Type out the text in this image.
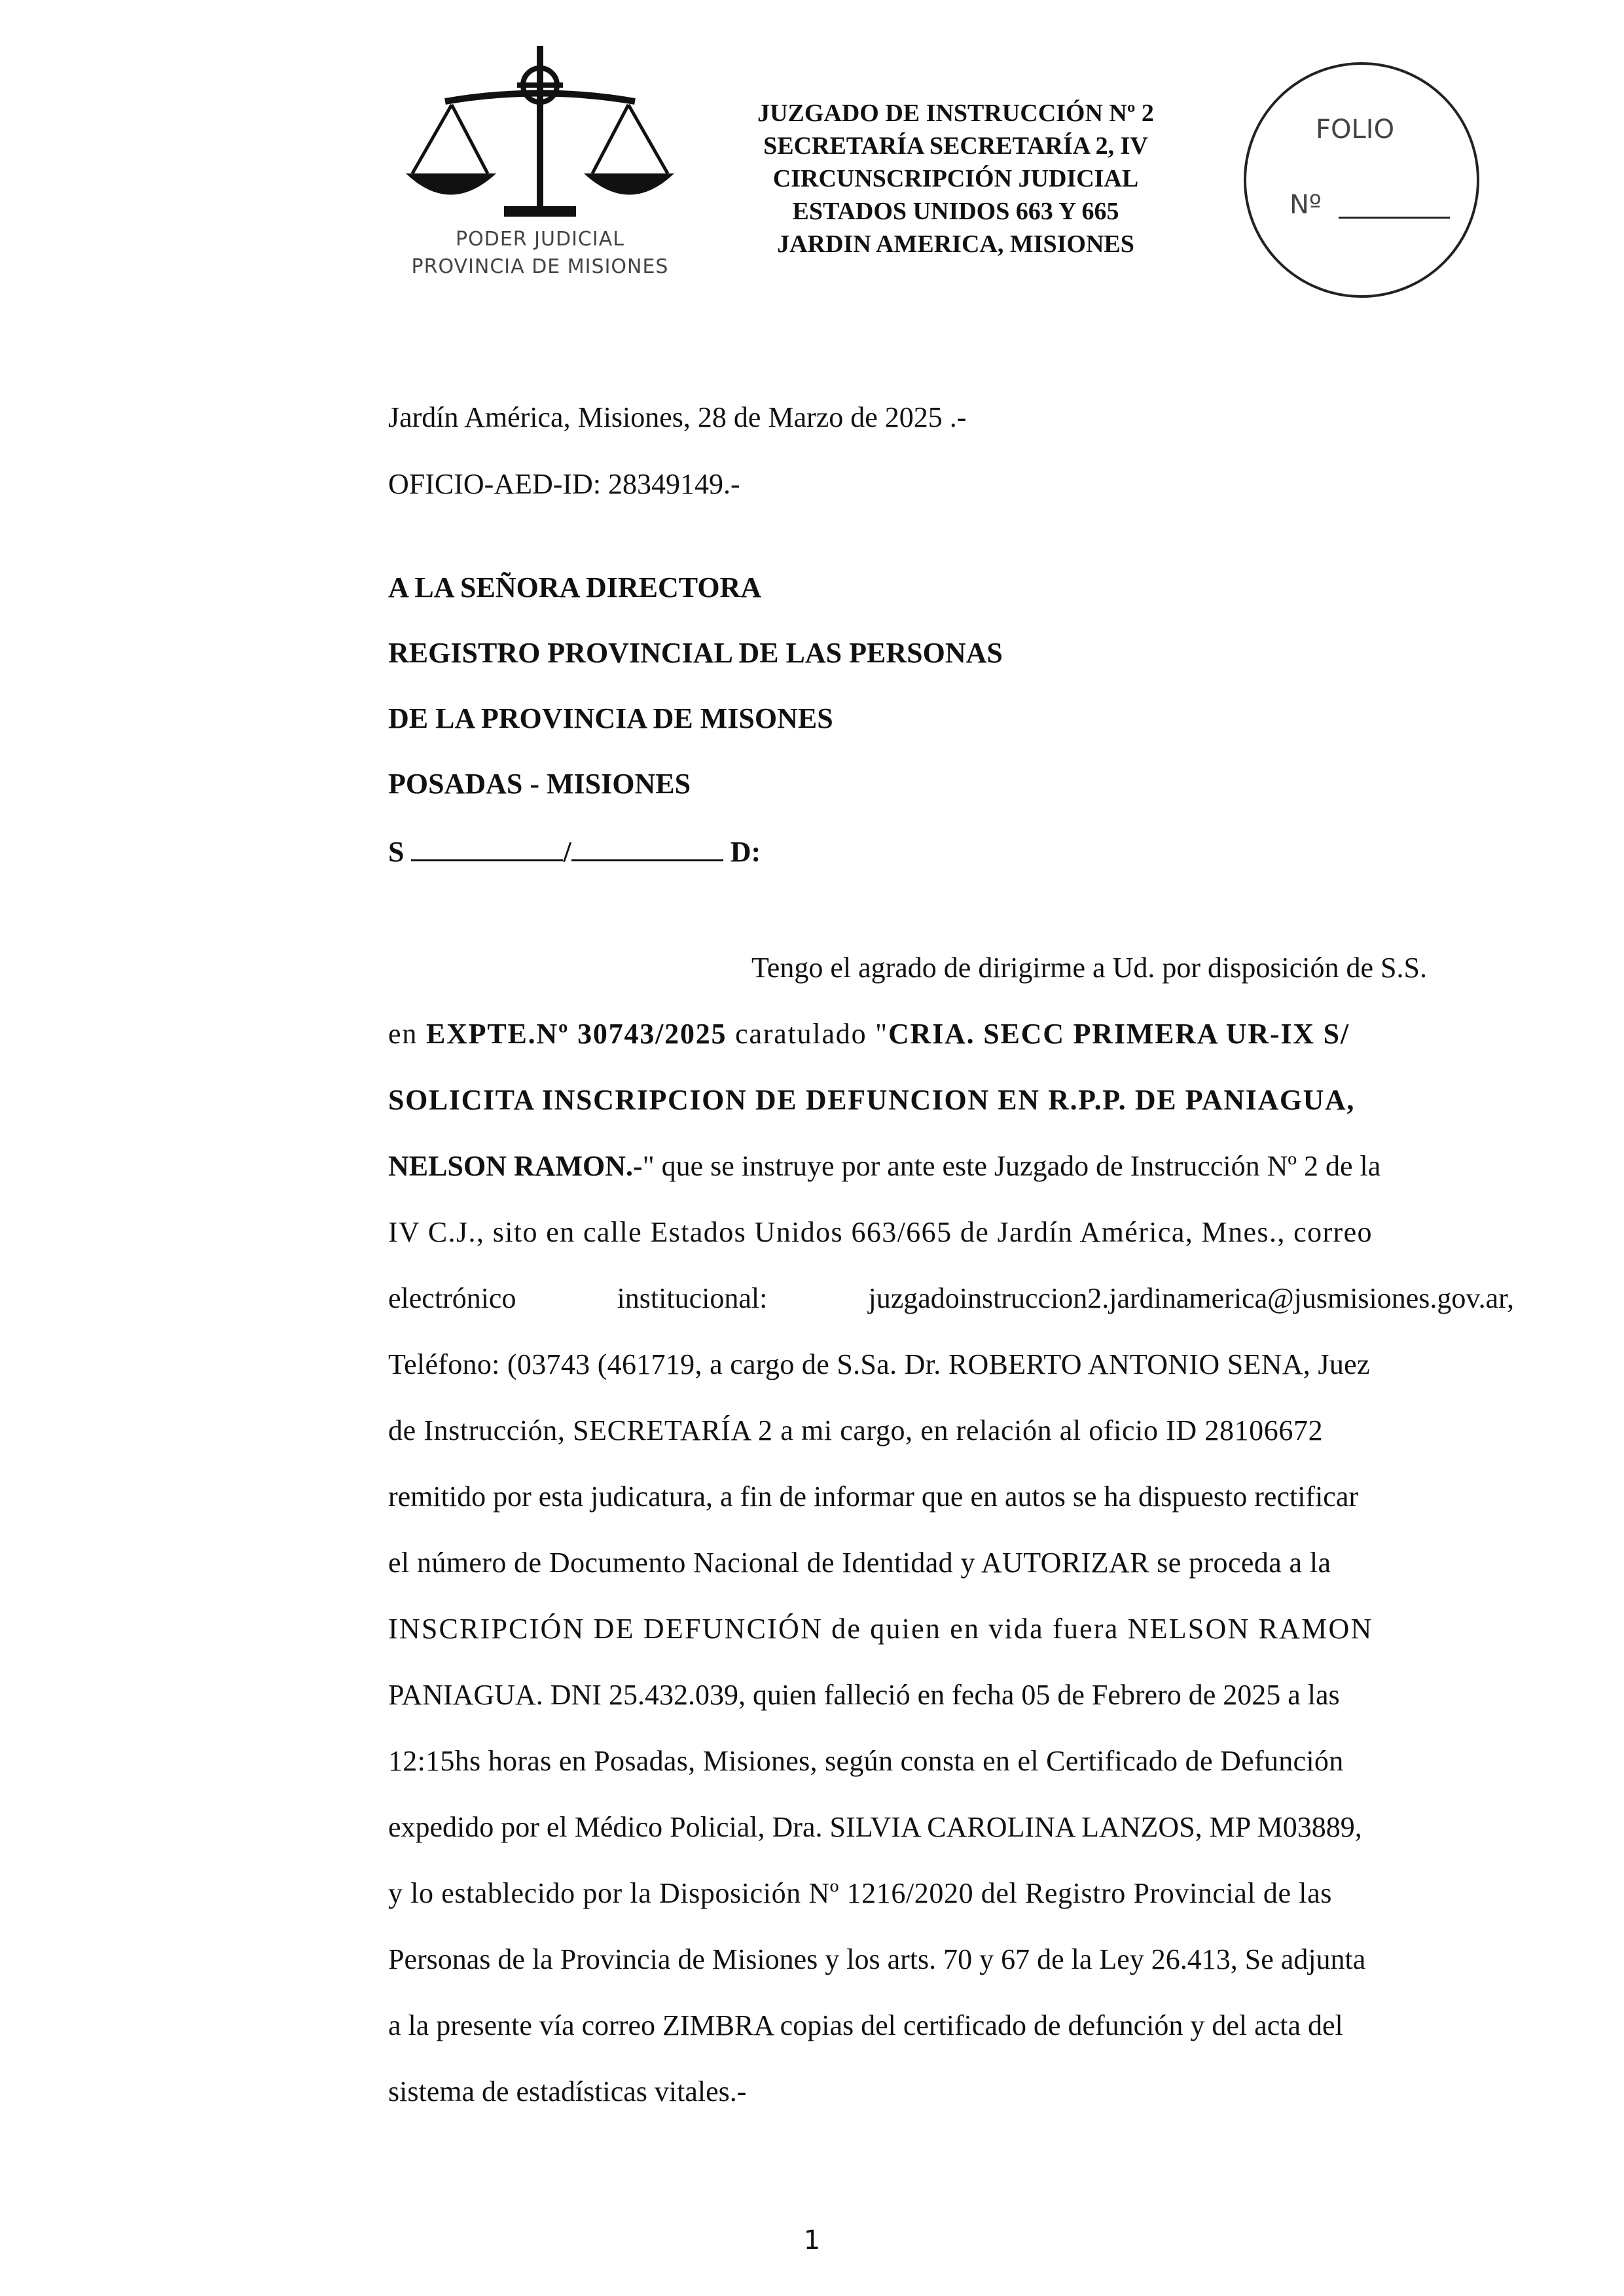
PODER JUDICIAL
PROVINCIA DE MISIONES
JUZGADO DE INSTRUCCIÓN Nº 2
SECRETARÍA SECRETARÍA 2, IV
CIRCUNSCRIPCIÓN JUDICIAL
ESTADOS UNIDOS 663 Y 665
JARDIN AMERICA, MISIONES
FOLIO
Nº
Jardín América, Misiones, 28 de Marzo de 2025 .-
OFICIO-AED-ID: 28349149.-
A LA SEÑORA DIRECTORA
REGISTRO PROVINCIAL DE LAS PERSONAS
DE LA PROVINCIA DE MISONES
POSADAS - MISIONES
S	/	D:
Tengo el agrado de dirigirme a Ud. por disposición de S.S.
en EXPTE.Nº 30743/2025 caratulado "CRIA. SECC PRIMERA UR-IX S/
SOLICITA INSCRIPCION DE DEFUNCION EN R.P.P. DE PANIAGUA,
NELSON RAMON.-" que se instruye por ante este Juzgado de Instrucción Nº 2 de la
IV C.J., sito en calle Estados Unidos 663/665 de Jardín América, Mnes., correo
electrónico	institucional:	juzgadoinstruccion2.jardinamerica@jusmisiones.gov.ar,
Teléfono: (03743 (461719, a cargo de S.Sa. Dr. ROBERTO ANTONIO SENA, Juez
de Instrucción, SECRETARÍA 2 a mi cargo, en relación al oficio ID 28106672
remitido por esta judicatura, a fin de informar que en autos se ha dispuesto rectificar
el número de Documento Nacional de Identidad y AUTORIZAR se proceda a la
INSCRIPCIÓN DE DEFUNCIÓN de quien en vida fuera NELSON RAMON
PANIAGUA. DNI 25.432.039, quien falleció en fecha 05 de Febrero de 2025 a las
12:15hs horas en Posadas, Misiones, según consta en el Certificado de Defunción
expedido por el Médico Policial, Dra. SILVIA CAROLINA LANZOS, MP M03889,
y lo establecido por la Disposición Nº 1216/2020 del Registro Provincial de las
Personas de la Provincia de Misiones y los arts. 70 y 67 de la Ley 26.413, Se adjunta
a la presente vía correo ZIMBRA copias del certificado de defunción y del acta del
sistema de estadísticas vitales.-
1
